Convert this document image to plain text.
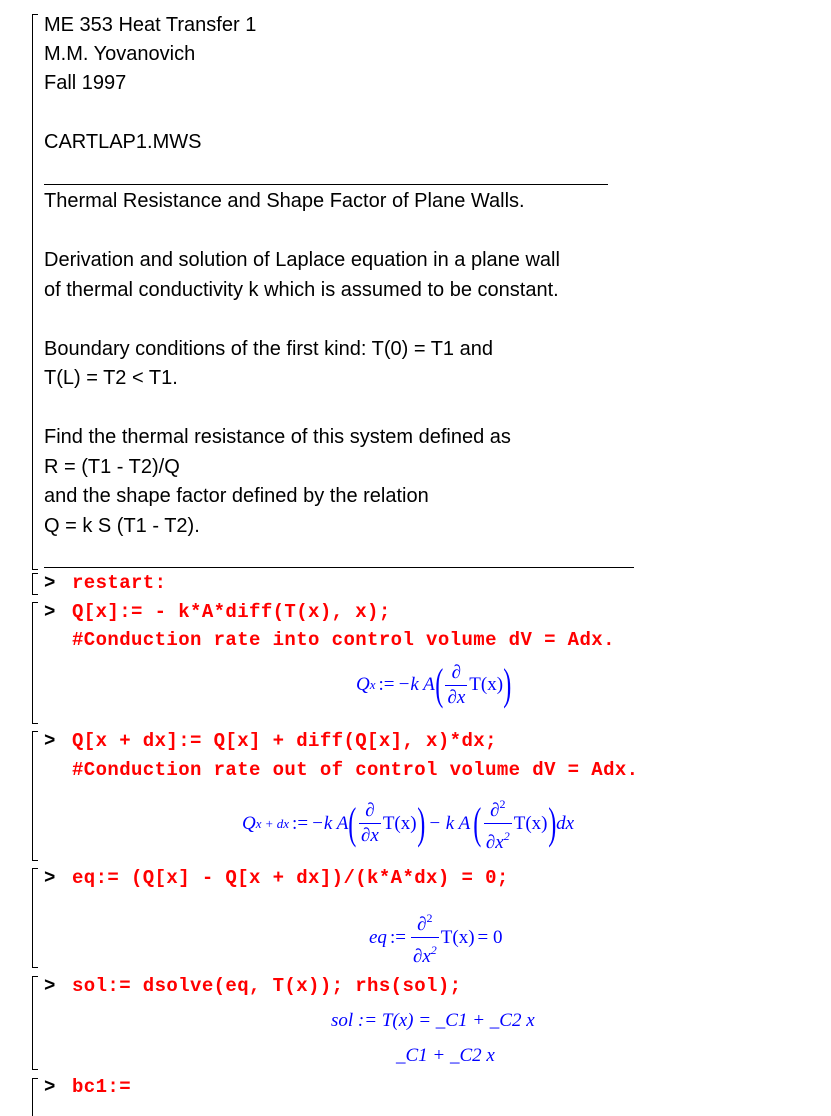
ME 353 Heat Transfer 1
M.M. Yovanovich
Fall 1997
CARTLAP1.MWS
Thermal Resistance and Shape Factor of Plane Walls.
Derivation and solution of Laplace equation in a plane wall
of thermal conductivity k which is assumed to be constant.
Boundary conditions of the first kind: T(0) = T1 and
T(L) = T2 < T1.
Find the thermal resistance of this system defined as
R = (T1 - T2)/Q
and the shape factor defined by the relation
Q = k S (T1 - T2).
> restart:
> Q[x]:= - k*A*diff(T(x), x);
#Conduction rate into control volume dV = Adx.
Q x := −k A ( $\frac{\partial}{\partial x} T(x)$ )
> Q[x + dx]:= Q[x] + diff(Q[x], x)*dx;
#Conduction rate out of control volume dV = Adx.
Q x + dx := −k A ( $\frac{\partial}{\partial x} T(x)$ ) − k A ( $\frac{\partial^2}{\partial x^2} T(x)$ ) dx
> eq:= (Q[x] - Q[x + dx])/(k*A*dx) = 0;
eq := $\frac{\partial^2}{\partial x^2} T(x) = 0$
> sol:= dsolve(eq, T(x)); rhs(sol);
sol := T(x) = _C1 + _C2 x
_C1 + _C2 x
> bc1:=
